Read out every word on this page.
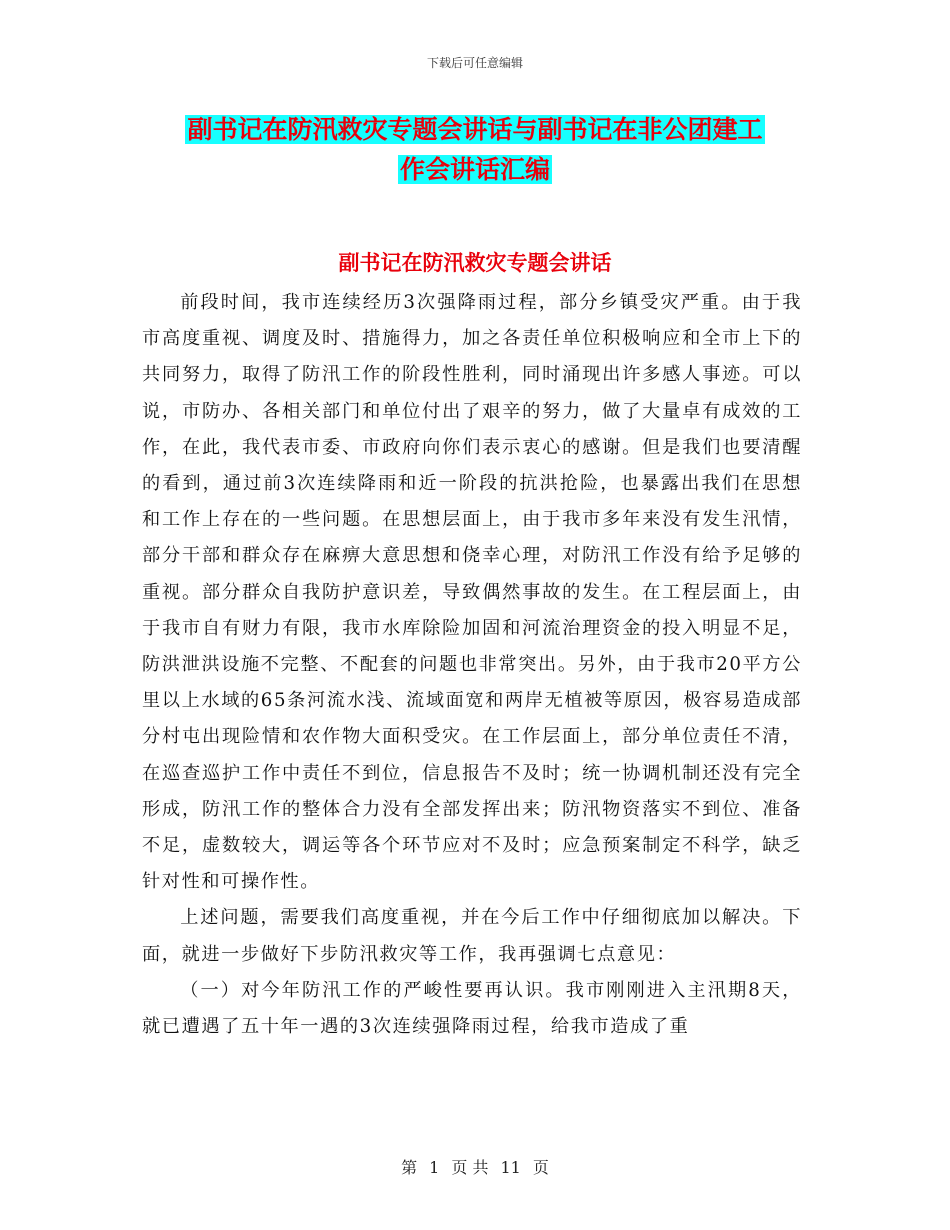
下载后可任意编辑
副书记在防汛救灾专题会讲话与副书记在非公团建工
作会讲话汇编
副书记在防汛救灾专题会讲话

前段时间，我市连续经历3次强降雨过程，部分乡镇受灾严重。由于我市高度重视、调度及时、措施得力，加之各责任单位积极响应和全市上下的共同努力，取得了防汛工作的阶段性胜利，同时涌现出许多感人事迹。可以说，市防办、各相关部门和单位付出了艰辛的努力，做了大量卓有成效的工作，在此，我代表市委、市政府向你们表示衷心的感谢。但是我们也要清醒的看到，通过前3次连续降雨和近一阶段的抗洪抢险，也暴露出我们在思想和工作上存在的一些问题。在思想层面上，由于我市多年来没有发生汛情，部分干部和群众存在麻痹大意思想和侥幸心理，对防汛工作没有给予足够的重视。部分群众自我防护意识差，导致偶然事故的发生。在工程层面上，由于我市自有财力有限，我市水库除险加固和河流治理资金的投入明显不足，防洪泄洪设施不完整、不配套的问题也非常突出。另外，由于我市20平方公里以上水域的65条河流水浅、流域面宽和两岸无植被等原因，极容易造成部分村屯出现险情和农作物大面积受灾。在工作层面上，部分单位责任不清，在巡查巡护工作中责任不到位，信息报告不及时；统一协调机制还没有完全形成，防汛工作的整体合力没有全部发挥出来；防汛物资落实不到位、准备不足，虚数较大，调运等各个环节应对不及时；应急预案制定不科学，缺乏针对性和可操作性。

上述问题，需要我们高度重视，并在今后工作中仔细彻底加以解决。下面，就进一步做好下步防汛救灾等工作，我再强调七点意见：

（一）对今年防汛工作的严峻性要再认识。我市刚刚进入主汛期8天，就已遭遇了五十年一遇的3次连续强降雨过程，给我市造成了重

第 1 页 共 11 页
